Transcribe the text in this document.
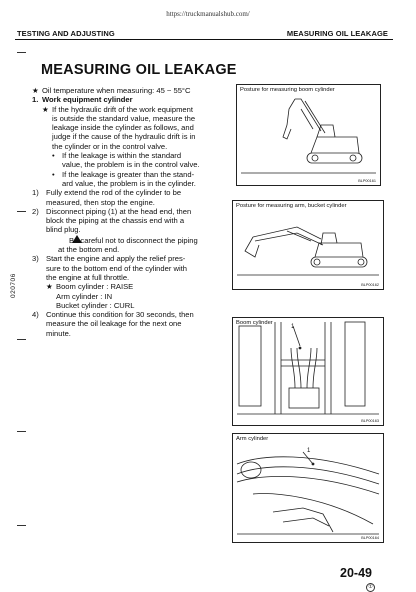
https://truckmanualshub.com/
TESTING AND ADJUSTING	MEASURING OIL LEAKAGE
MEASURING OIL LEAKAGE
020706
★ Oil temperature when measuring: 45 ~ 55°C
1. Work equipment cylinder
★ If the hydraulic drift of the work equipment
is outside the standard value, measure the
leakage inside the cylinder as follows, and
judge if the cause of the hydraulic drift is in
the cylinder or in the control valve.
• If the leakage is within the standard
value, the problem is in the control valve.
• If the leakage is greater than the stand-
ard value, the problem is in the cylinder.
1) Fully extend the rod of the cylinder to be
measured, then stop the engine.
2) Disconnect piping (1) at the head end, then
block the piping at the chassis end with a
blind plug.
Be careful not to disconnect the piping
at the bottom end.
3) Start the engine and apply the relief pres-
sure to the bottom end of the cylinder with
the engine at full throttle.
★ Boom cylinder : RAISE
Arm cylinder : IN
Bucket cylinder : CURL
4) Continue this condition for 30 seconds, then
measure the oil leakage for the next one
minute.
Posture for measuring boom cylinder
BLP00161
Posture for measuring arm, bucket cylinder
BLP00162
Boom cylinder
1
BLP00163
Arm cylinder
1
BLP00164
20-49
①
